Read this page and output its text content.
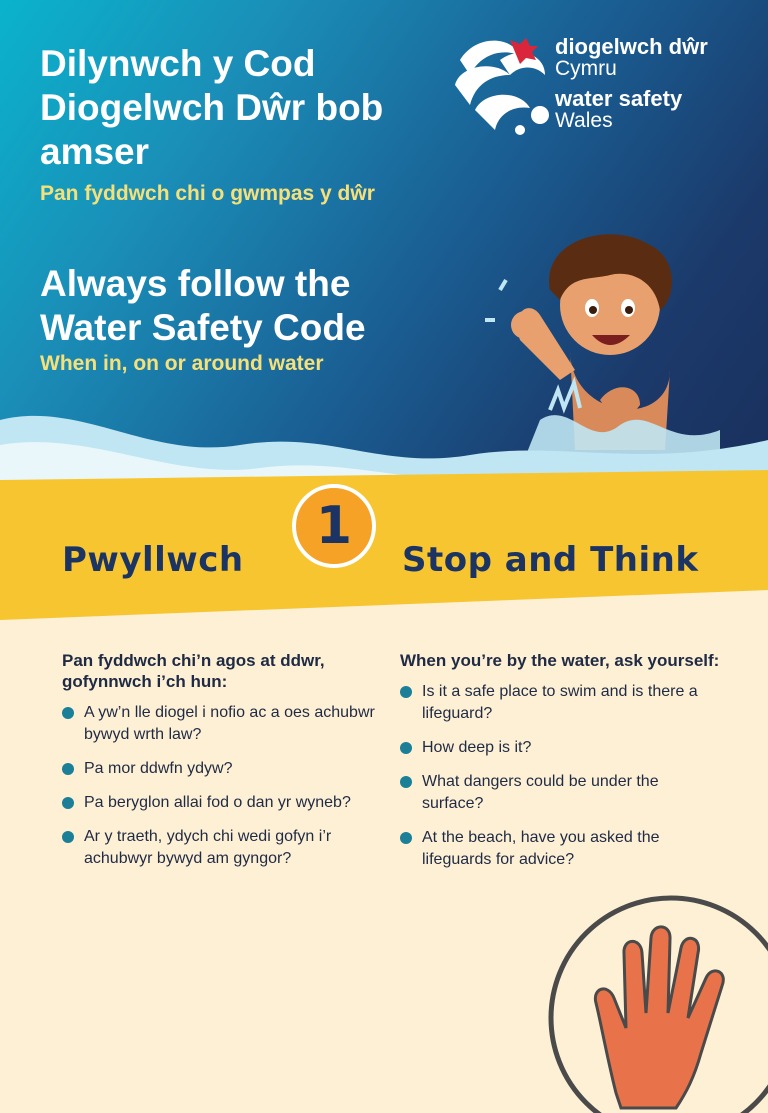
Dilynwch y Cod Diogelwch Dŵr bob amser
Pan fyddwch chi o gwmpas y dŵr
Always follow the Water Safety Code
When in, on or around water
diogelwch dŵr
Cymru
water safety
Wales
Pwyllwch
1
Stop and Think
Pan fyddwch chi’n agos at ddwr, gofynnwch i’ch hun:
A yw’n lle diogel i nofio ac a oes achubwr bywyd wrth law?
Pa mor ddwfn ydyw?
Pa beryglon allai fod o dan yr wyneb?
Ar y traeth, ydych chi wedi gofyn i’r achubwyr bywyd am gyngor?
When you’re by the water, ask yourself:
Is it a safe place to swim and is there a lifeguard?
How deep is it?
What dangers could be under the surface?
At the beach, have you asked the lifeguards for advice?
